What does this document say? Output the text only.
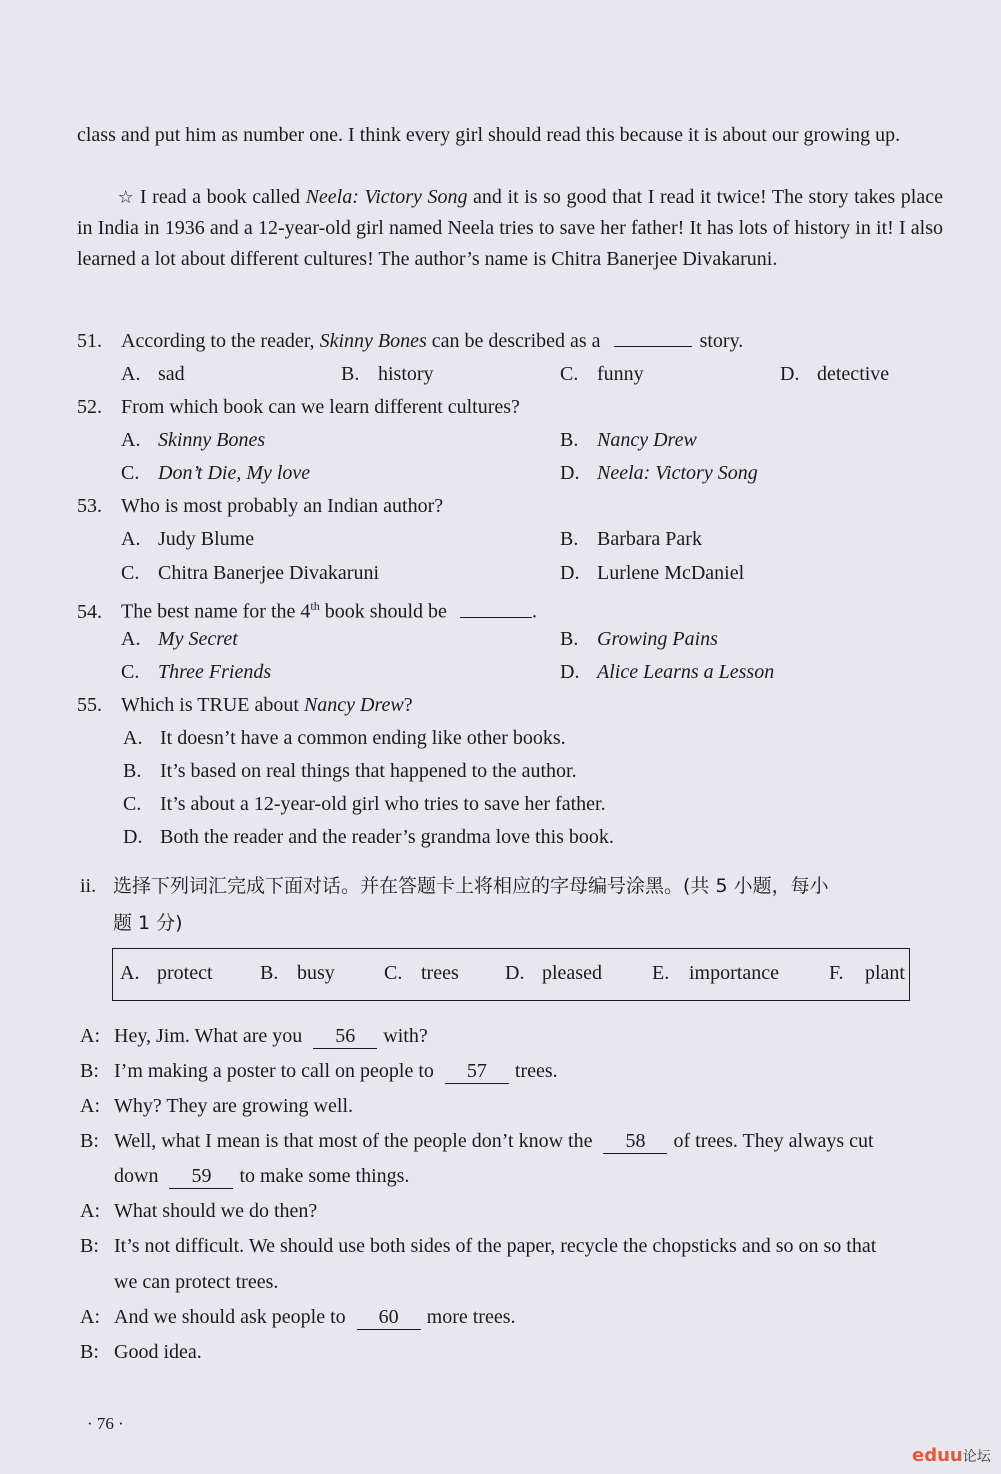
class and put him as number one. I think every girl should read this because it is about our growing up.
☆ I read a book called Neela: Victory Song and it is so good that I read it twice! The story takes place in India in 1936 and a 12-year-old girl named Neela tries to save her father! It has lots of history in it! I also learned a lot about different cultures! The author’s name is Chitra Banerjee Divakaruni.
51. According to the reader, Skinny Bones can be described as a	story.
A. sad	B. history	C. funny	D. detective
52. From which book can we learn different cultures?
A. Skinny Bones	B. Nancy Drew
C. Don’t Die, My love	D. Neela: Victory Song
53. Who is most probably an Indian author?
A. Judy Blume	B. Barbara Park
C. Chitra Banerjee Divakaruni	D. Lurlene McDaniel
54. The best name for the 4th book should be	.
A. My Secret	B. Growing Pains
C. Three Friends	D. Alice Learns a Lesson
55. Which is TRUE about Nancy Drew?
A. It doesn’t have a common ending like other books.
B. It’s based on real things that happened to the author.
C. It’s about a 12-year-old girl who tries to save her father.
D. Both the reader and the reader’s grandma love this book.
ii. 选择下列词汇完成下面对话。并在答题卡上将相应的字母编号涂黑。(共 5 小题，每小
题 1 分)
A. protect B. busy C. trees D. pleased	E. importance	F. plant
A: Hey, Jim. What are you 56 with?
B: I’m making a poster to call on people to 57 trees.
A: Why? They are growing well.
B: Well, what I mean is that most of the people don’t know the 58 of trees. They always cut
down 59 to make some things.
A: What should we do then?
B: It’s not difficult. We should use both sides of the paper, recycle the chopsticks and so on so that
we can protect trees.
A: And we should ask people to 60 more trees.
B: Good idea.
· 76 ·
eduu论坛
